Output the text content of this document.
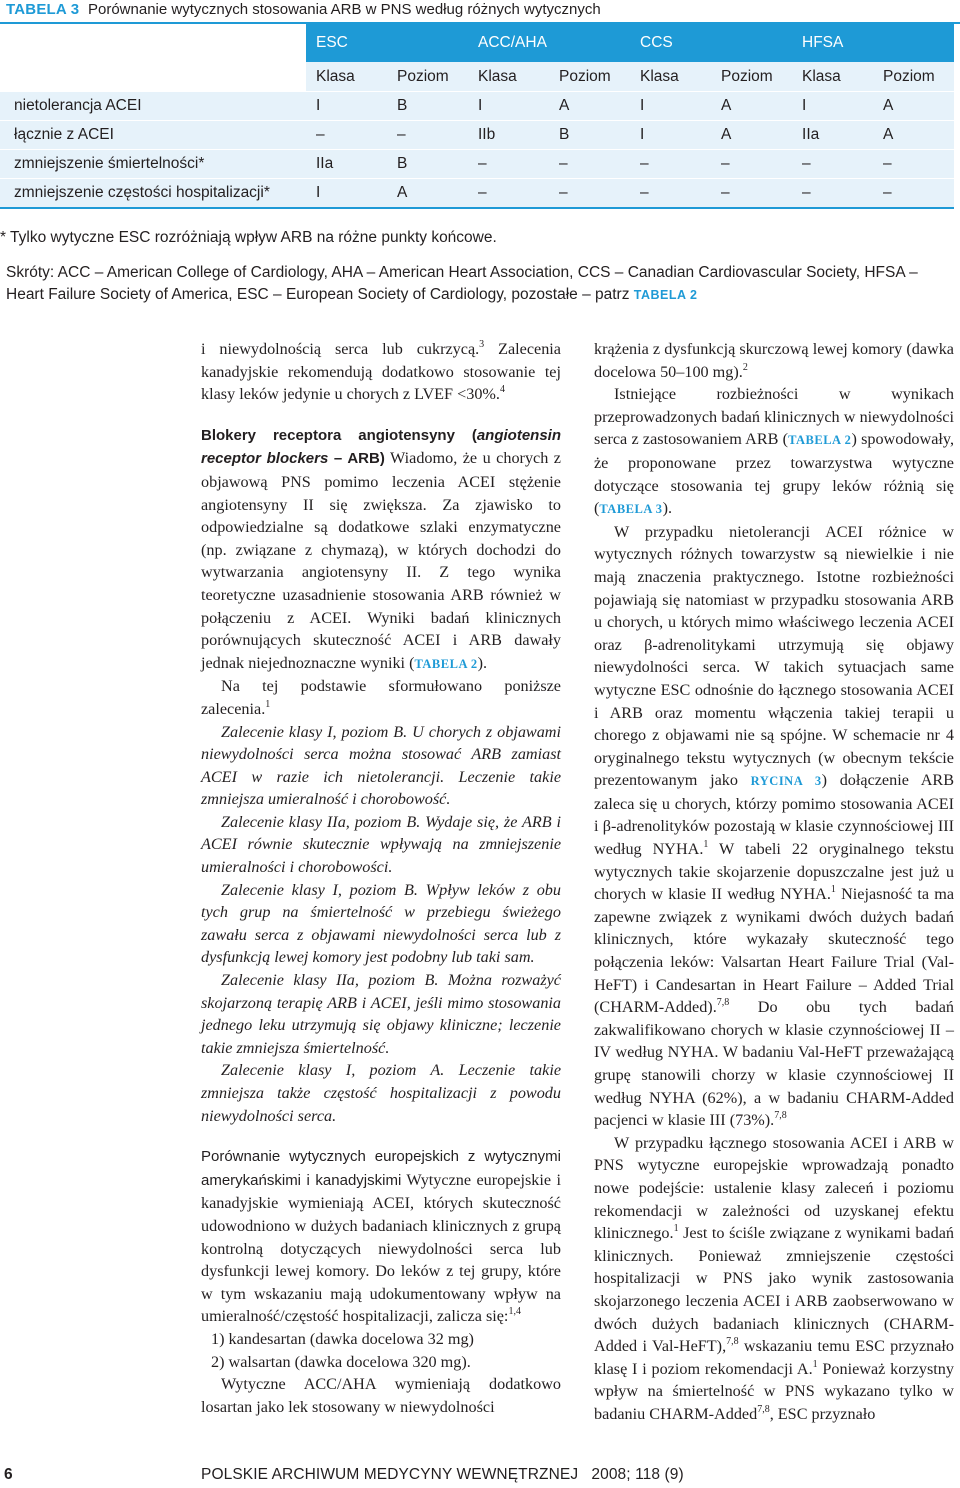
TABELA 3 Porównanie wytycznych stosowania ARB w PNS według różnych wytycznych
	ESC		ACC/AHA		CCS		HFSA	
	Klasa	Poziom	Klasa	Poziom	Klasa	Poziom	Klasa	Poziom
nietolerancja ACEI	I	B	I	A	I	A	I	A
łącznie z ACEI	–	–	IIb	B	I	A	IIa	A
zmniejszenie śmiertelności*	IIa	B	–	–	–	–	–	–
zmniejszenie częstości hospitalizacji*	I	A	–	–	–	–	–	–
* Tylko wytyczne ESC rozróżniają wpływ ARB na różne punkty końcowe.
Skróty: ACC – American College of Cardiology, AHA – American Heart Association, CCS – Canadian Cardiovascular Society, HFSA – Heart Failure Society of America, ESC – European Society of Cardiology, pozostałe – patrz TABELA 2

i niewydolnością serca lub cukrzycą.$^3$ Zalecenia kanadyjskie rekomendują dodatkowo stosowanie tej klasy leków jedynie u chorych z LVEF <30%.$^4$

Blokery receptora angiotensyny (angiotensin receptor blockers – ARB) Wiadomo, że u chorych z objawową PNS pomimo leczenia ACEI stężenie angiotensyny II się zwiększa. Za zjawisko to odpowiedzialne są dodatkowe szlaki enzymatyczne (np. związane z chymazą), w których dochodzi do wytwarzania angiotensyny II. Z tego wynika teoretyczne uzasadnienie stosowania ARB również w połączeniu z ACEI. Wyniki badań klinicznych porównujących skuteczność ACEI i ARB dawały jednak niejednoznaczne wyniki (TABELA 2).

Na tej podstawie sformułowano poniższe zalecenia.$^1$

Zalecenie klasy I, poziom B. U chorych z objawami niewydolności serca można stosować ARB zamiast ACEI w razie ich nietolerancji. Leczenie takie zmniejsza umieralność i chorobowość.

Zalecenie klasy IIa, poziom B. Wydaje się, że ARB i ACEI równie skutecznie wpływają na zmniejszenie umieralności i chorobowości.

Zalecenie klasy I, poziom B. Wpływ leków z obu tych grup na śmiertelność w przebiegu świeżego zawału serca z objawami niewydolności serca lub z dysfunkcją lewej komory jest podobny lub taki sam.

Zalecenie klasy IIa, poziom B. Można rozważyć skojarzoną terapię ARB i ACEI, jeśli mimo stosowania jednego leku utrzymują się objawy kliniczne; leczenie takie zmniejsza śmiertelność.

Zalecenie klasy I, poziom A. Leczenie takie zmniejsza także częstość hospitalizacji z powodu niewydolności serca.

Porównanie wytycznych europejskich z wytycznymi amerykańskimi i kanadyjskimi Wytyczne europejskie i kanadyjskie wymieniają ACEI, których skuteczność udowodniono w dużych badaniach klinicznych z grupą kontrolną dotyczących niewydolności serca lub dysfunkcji lewej komory. Do leków z tej grupy, które w tym wskazaniu mają udokumentowany wpływ na umieralność/częstość hospitalizacji, zalicza się:$^{1,4}$

1) kandesartan (dawka docelowa 32 mg)

2) walsartan (dawka docelowa 320 mg).

Wytyczne ACC/AHA wymieniają dodatkowo losartan jako lek stosowany w niewydolności

krążenia z dysfunkcją skurczową lewej komory (dawka docelowa 50–100 mg).$^2$

Istniejące rozbieżności w wynikach przeprowadzonych badań klinicznych w niewydolności serca z zastosowaniem ARB (TABELA 2) spowodowały, że proponowane przez towarzystwa wytyczne dotyczące stosowania tej grupy leków różnią się (TABELA 3).

W przypadku nietolerancji ACEI różnice w wytycznych różnych towarzystw są niewielkie i nie mają znaczenia praktycznego. Istotne rozbieżności pojawiają się natomiast w przypadku stosowania ARB u chorych, u których mimo właściwego leczenia ACEI oraz β-adrenolitykami utrzymują się objawy niewydolności serca. W takich sytuacjach same wytyczne ESC odnośnie do łącznego stosowania ACEI i ARB oraz momentu włączenia takiej terapii u chorego z objawami nie są spójne. W schemacie nr 4 oryginalnego tekstu wytycznych (w obecnym tekście prezentowanym jako RYCINA 3) dołączenie ARB zaleca się u chorych, którzy pomimo stosowania ACEI i β-adrenolityków pozostają w klasie czynnościowej III według NYHA.$^1$ W tabeli 22 oryginalnego tekstu wytycznych takie skojarzenie dopuszczalne jest już u chorych w klasie II według NYHA.$^1$ Niejasność ta ma zapewne związek z wynikami dwóch dużych badań klinicznych, które wykazały skuteczność tego połączenia leków: Valsartan Heart Failure Trial (Val-HeFT) i Candesartan in Heart Failure – Added Trial (CHARM-Added).$^{7,8}$ Do obu tych badań zakwalifikowano chorych w klasie czynnościowej II –IV według NYHA. W badaniu Val-HeFT przeważającą grupę stanowili chorzy w klasie czynnościowej II według NYHA (62%), a w badaniu CHARM-Added pacjenci w klasie III (73%).$^{7,8}$

W przypadku łącznego stosowania ACEI i ARB w PNS wytyczne europejskie wprowadzają ponadto nowe podejście: ustalenie klasy zaleceń i poziomu rekomendacji w zależności od uzyskanej efektu klinicznego.$^1$ Jest to ściśle związane z wynikami badań klinicznych. Ponieważ zmniejszenie częstości hospitalizacji w PNS jako wynik zastosowania skojarzonego leczenia ACEI i ARB zaobserwowano w dwóch dużych badaniach klinicznych (CHARM-Added i Val-HeFT),$^{7,8}$ wskazaniu temu ESC przyznało klasę I i poziom rekomendacji A.$^1$ Ponieważ korzystny wpływ na śmiertelność w PNS wykazano tylko w badaniu CHARM-Added$^{7,8}$, ESC przyznało

6	POLSKIE ARCHIWUM MEDYCYNY WEWNĘTRZNEJ   2008; 118 (9)
